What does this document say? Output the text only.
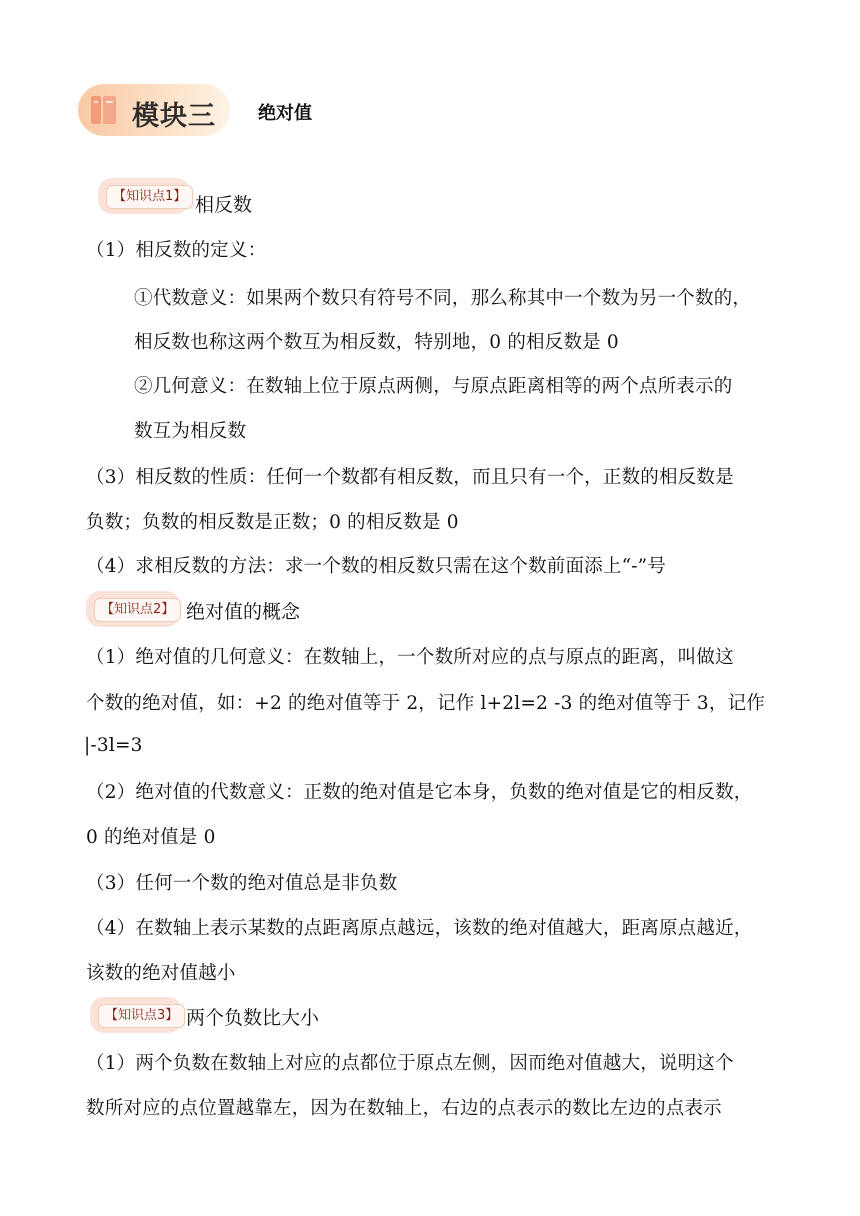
模块三 绝对值
【知识点1】 相反数
（1）相反数的定义：
①代数意义：如果两个数只有符号不同，那么称其中一个数为另一个数的，
相反数也称这两个数互为相反数，特别地，0 的相反数是 0
②几何意义：在数轴上位于原点两侧，与原点距离相等的两个点所表示的
数互为相反数
（3）相反数的性质：任何一个数都有相反数，而且只有一个，正数的相反数是
负数；负数的相反数是正数；0 的相反数是 0
（4）求相反数的方法：求一个数的相反数只需在这个数前面添上“-”号
【知识点2】 绝对值的概念
（1）绝对值的几何意义：在数轴上，一个数所对应的点与原点的距离，叫做这
个数的绝对值，如：+2 的绝对值等于 2，记作 l+2l=2 -3 的绝对值等于 3，记作
|-3l=3
（2）绝对值的代数意义：正数的绝对值是它本身，负数的绝对值是它的相反数，
0 的绝对值是 0
（3）任何一个数的绝对值总是非负数
（4）在数轴上表示某数的点距离原点越远，该数的绝对值越大，距离原点越近，
该数的绝对值越小
【知识点3】 两个负数比大小
（1）两个负数在数轴上对应的点都位于原点左侧，因而绝对值越大，说明这个
数所对应的点位置越靠左，因为在数轴上，右边的点表示的数比左边的点表示
